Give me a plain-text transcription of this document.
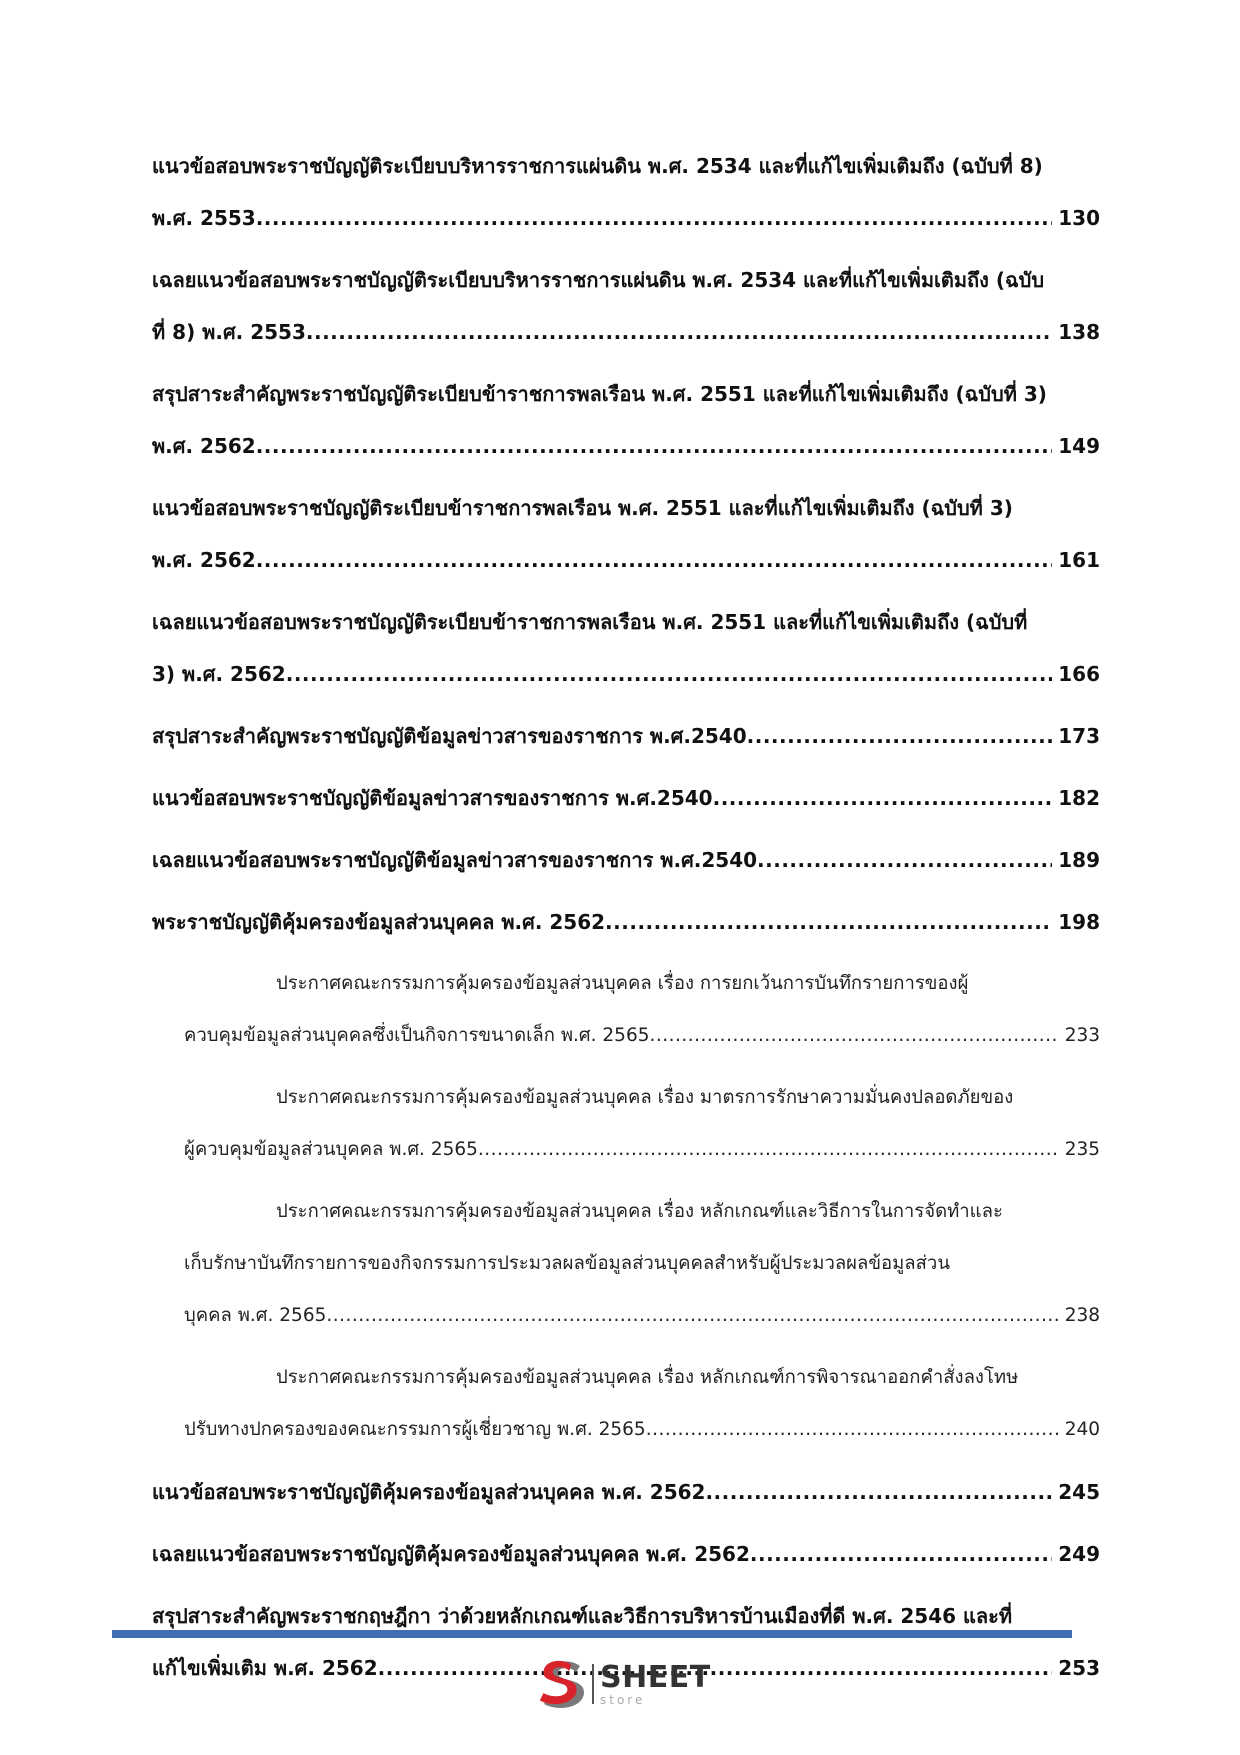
แนวข้อสอบพระราชบัญญัติระเบียบบริหารราชการแผ่นดิน พ.ศ. 2534 และที่แก้ไขเพิ่มเติมถึง (ฉบับที่ 8)
พ.ศ. 2553	130
.....
เฉลยแนวข้อสอบพระราชบัญญัติระเบียบบริหารราชการแผ่นดิน พ.ศ. 2534 และที่แก้ไขเพิ่มเติมถึง (ฉบับ
ที่ 8) พ.ศ. 2553	138
.....
สรุปสาระสำคัญพระราชบัญญัติระเบียบข้าราชการพลเรือน พ.ศ. 2551 และที่แก้ไขเพิ่มเติมถึง (ฉบับที่ 3)
พ.ศ. 2562	149
.....
แนวข้อสอบพระราชบัญญัติระเบียบข้าราชการพลเรือน พ.ศ. 2551 และที่แก้ไขเพิ่มเติมถึง (ฉบับที่ 3)
พ.ศ. 2562	161
.....
เฉลยแนวข้อสอบพระราชบัญญัติระเบียบข้าราชการพลเรือน พ.ศ. 2551 และที่แก้ไขเพิ่มเติมถึง (ฉบับที่
3) พ.ศ. 2562	166
.....
สรุปสาระสำคัญพระราชบัญญัติข้อมูลข่าวสารของราชการ พ.ศ.2540	173
.....
แนวข้อสอบพระราชบัญญัติข้อมูลข่าวสารของราชการ พ.ศ.2540	182
.....
เฉลยแนวข้อสอบพระราชบัญญัติข้อมูลข่าวสารของราชการ พ.ศ.2540	189
.....
พระราชบัญญัติคุ้มครองข้อมูลส่วนบุคคล พ.ศ. 2562	198
.....
ประกาศคณะกรรมการคุ้มครองข้อมูลส่วนบุคคล เรื่อง การยกเว้นการบันทึกรายการของผู้
ควบคุมข้อมูลส่วนบุคคลซึ่งเป็นกิจการขนาดเล็ก พ.ศ. 2565	233
.....
ประกาศคณะกรรมการคุ้มครองข้อมูลส่วนบุคคล เรื่อง มาตรการรักษาความมั่นคงปลอดภัยของ
ผู้ควบคุมข้อมูลส่วนบุคคล พ.ศ. 2565	235
.....
ประกาศคณะกรรมการคุ้มครองข้อมูลส่วนบุคคล เรื่อง หลักเกณฑ์และวิธีการในการจัดทำและ
เก็บรักษาบันทึกรายการของกิจกรรมการประมวลผลข้อมูลส่วนบุคคลสำหรับผู้ประมวลผลข้อมูลส่วน
บุคคล พ.ศ. 2565	238
.....
ประกาศคณะกรรมการคุ้มครองข้อมูลส่วนบุคคล เรื่อง หลักเกณฑ์การพิจารณาออกคำสั่งลงโทษ
ปรับทางปกครองของคณะกรรมการผู้เชี่ยวชาญ พ.ศ. 2565	240
.....
แนวข้อสอบพระราชบัญญัติคุ้มครองข้อมูลส่วนบุคคล พ.ศ. 2562	245
.....
เฉลยแนวข้อสอบพระราชบัญญัติคุ้มครองข้อมูลส่วนบุคคล พ.ศ. 2562	249
.....
สรุปสาระสำคัญพระราชกฤษฎีกา ว่าด้วยหลักเกณฑ์และวิธีการบริหารบ้านเมืองที่ดี พ.ศ. 2546 และที่
แก้ไขเพิ่มเติม พ.ศ. 2562	253
.....
SHEET
store
